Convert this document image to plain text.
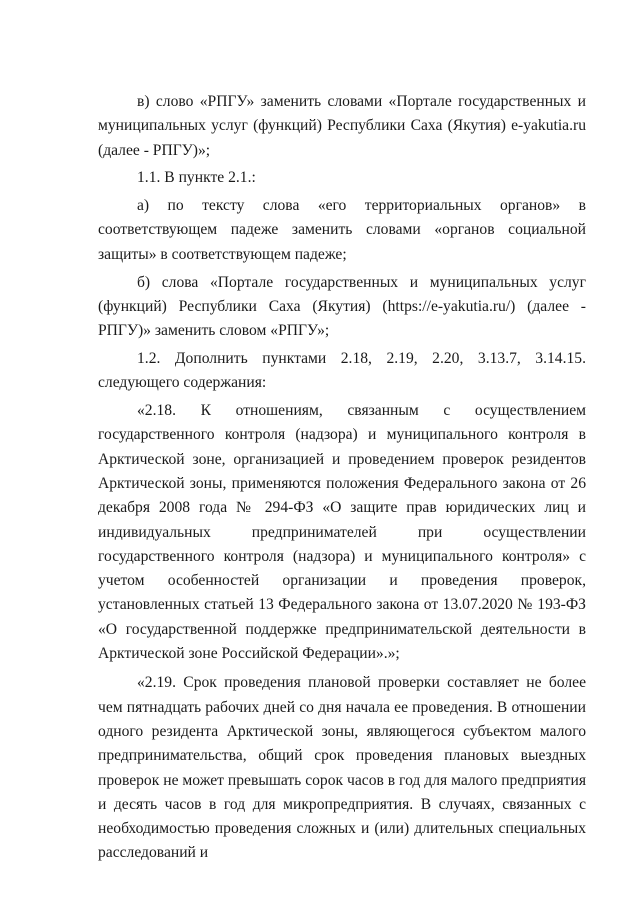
в) слово «РПГУ» заменить словами «Портале государственных и муниципальных услуг (функций) Республики Саха (Якутия) e-yakutia.ru (далее - РПГУ)»;

1.1. В пункте 2.1.:

а) по тексту слова «его территориальных органов» в соответствующем падеже заменить словами «органов социальной защиты» в соответствующем падеже;

б) слова «Портале государственных и муниципальных услуг (функций) Республики Саха (Якутия) (https://e-yakutia.ru/) (далее - РПГУ)» заменить словом «РПГУ»;

1.2. Дополнить пунктами 2.18, 2.19, 2.20, 3.13.7, 3.14.15. следующего содержания:

«2.18. К отношениям, связанным с осуществлением государственного контроля (надзора) и муниципального контроля в Арктической зоне, организацией и проведением проверок резидентов Арктической зоны, применяются положения Федерального закона от 26 декабря 2008 года № 294-ФЗ «О защите прав юридических лиц и индивидуальных предпринимателей при осуществлении государственного контроля (надзора) и муниципального контроля» с учетом особенностей организации и проведения проверок, установленных статьей 13 Федерального закона от 13.07.2020 № 193-ФЗ «О государственной поддержке предпринимательской деятельности в Арктической зоне Российской Федерации».»;

«2.19. Срок проведения плановой проверки составляет не более чем пятнадцать рабочих дней со дня начала ее проведения. В отношении одного резидента Арктической зоны, являющегося субъектом малого предпринимательства, общий срок проведения плановых выездных проверок не может превышать сорок часов в год для малого предприятия и десять часов в год для микропредприятия. В случаях, связанных с необходимостью проведения сложных и (или) длительных специальных расследований и
